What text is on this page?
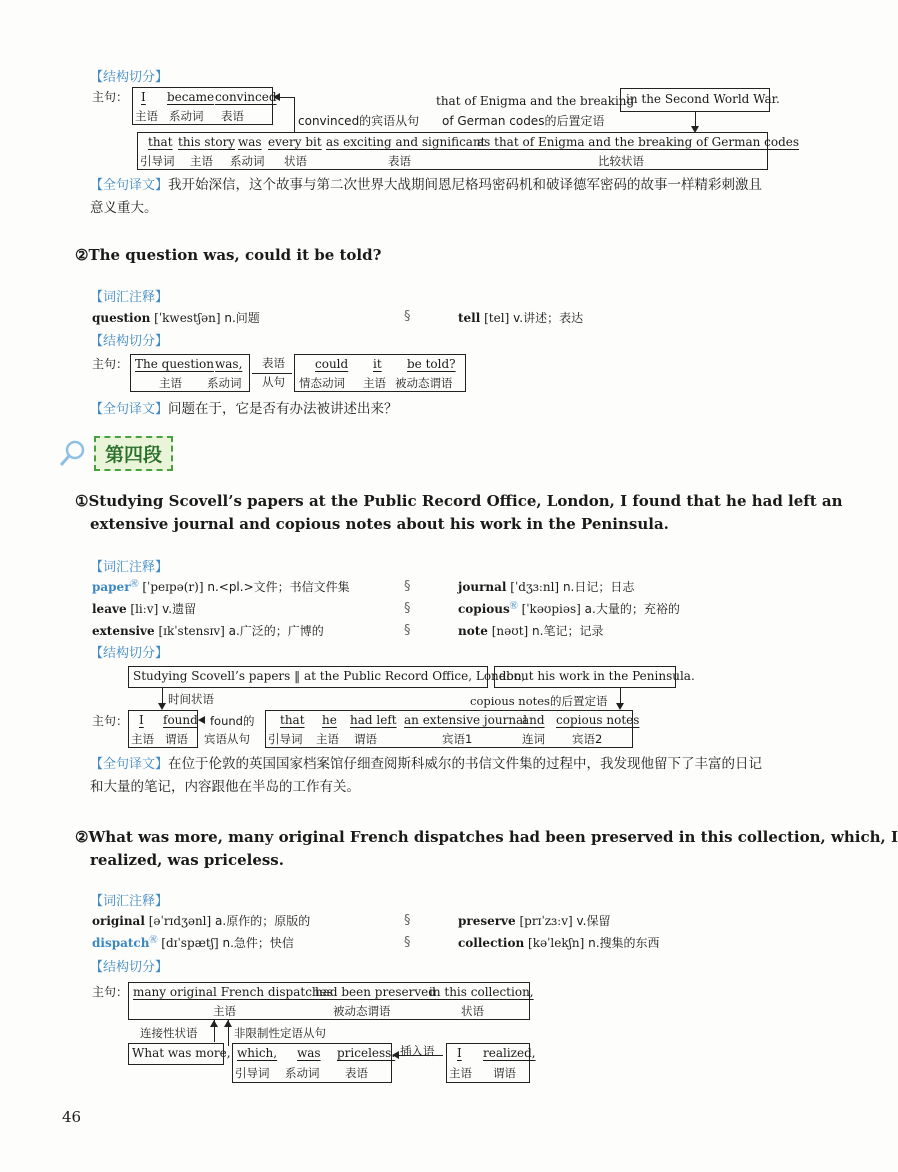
【结构切分】
in the Second World War.
that of Enigma and the breaking
of German codes的后置定语
主句： I became convinced
主语 系动词 表语	convinced的宾语从句
that this story was every bit as exciting and significant
as that of Enigma and the breaking of German codes
引导词 主语 系动词 状语	表语	比较状语
【全句译文】我开始深信，这个故事与第二次世界大战期间恩尼格玛密码机和破译德军密码的故事一样精彩刺激且意义重大。
②The question was, could it be told?
【词汇注释】
question [ˈkwestʃən] n.问题	§	tell [tel] v.讲述；表达
【结构切分】
主句： The question was,
主语 系动词
表语
从句
could it be told?
情态动词 主语 被动态谓语
【全句译文】问题在于，它是否有办法被讲述出来？
第四段
①Studying Scovell’s papers at the Public Record Office, London, I found that he had left an
extensive journal and copious notes about his work in the Peninsula.
【词汇注释】
paper㊗ [ˈpeɪpə(r)] n.<pl.>文件；书信文件集	journal [ˈdʒɜːnl] n.日记；日志
leave [liːv] v.遗留	copious㊗ [ˈkəʊpiəs] a.大量的；充裕的
extensive [ɪkˈstensɪv] a.广泛的；广博的	note [nəʊt] n.笔记；记录
§
§
§
【结构切分】
Studying Scovell’s papers ‖ at the Public Record Office, London,
about his work in the Peninsula.
时间状语	copious notes的后置定语
主句： I found
主语 谓语
found的
宾语从句
that he had left an extensive journal
and copious notes
引导词 主语 谓语	宾语1	连词 宾语2
【全句译文】在位于伦敦的英国国家档案馆仔细查阅斯科威尔的书信文件集的过程中，我发现他留下了丰富的日记和大量的笔记，内容跟他在半岛的工作有关。
②What was more, many original French dispatches had been preserved in this collection, which, I
realized, was priceless.
【词汇注释】
original [əˈrɪdʒənl] a.原作的；原版的	preserve [prɪˈzɜːv] v.保留
dispatch㊗ [dɪˈspætʃ] n.急件；快信	collection [kəˈlekʃn] n.搜集的东西
§
§
【结构切分】
主句： many original French dispatches
had been preserved
in this collection,
主语	被动态谓语	状语
连接性状语	非限制性定语从句
What was more, which, was priceless.
引导词 系动词 表语
插入语 I realized,
主语 谓语
46
